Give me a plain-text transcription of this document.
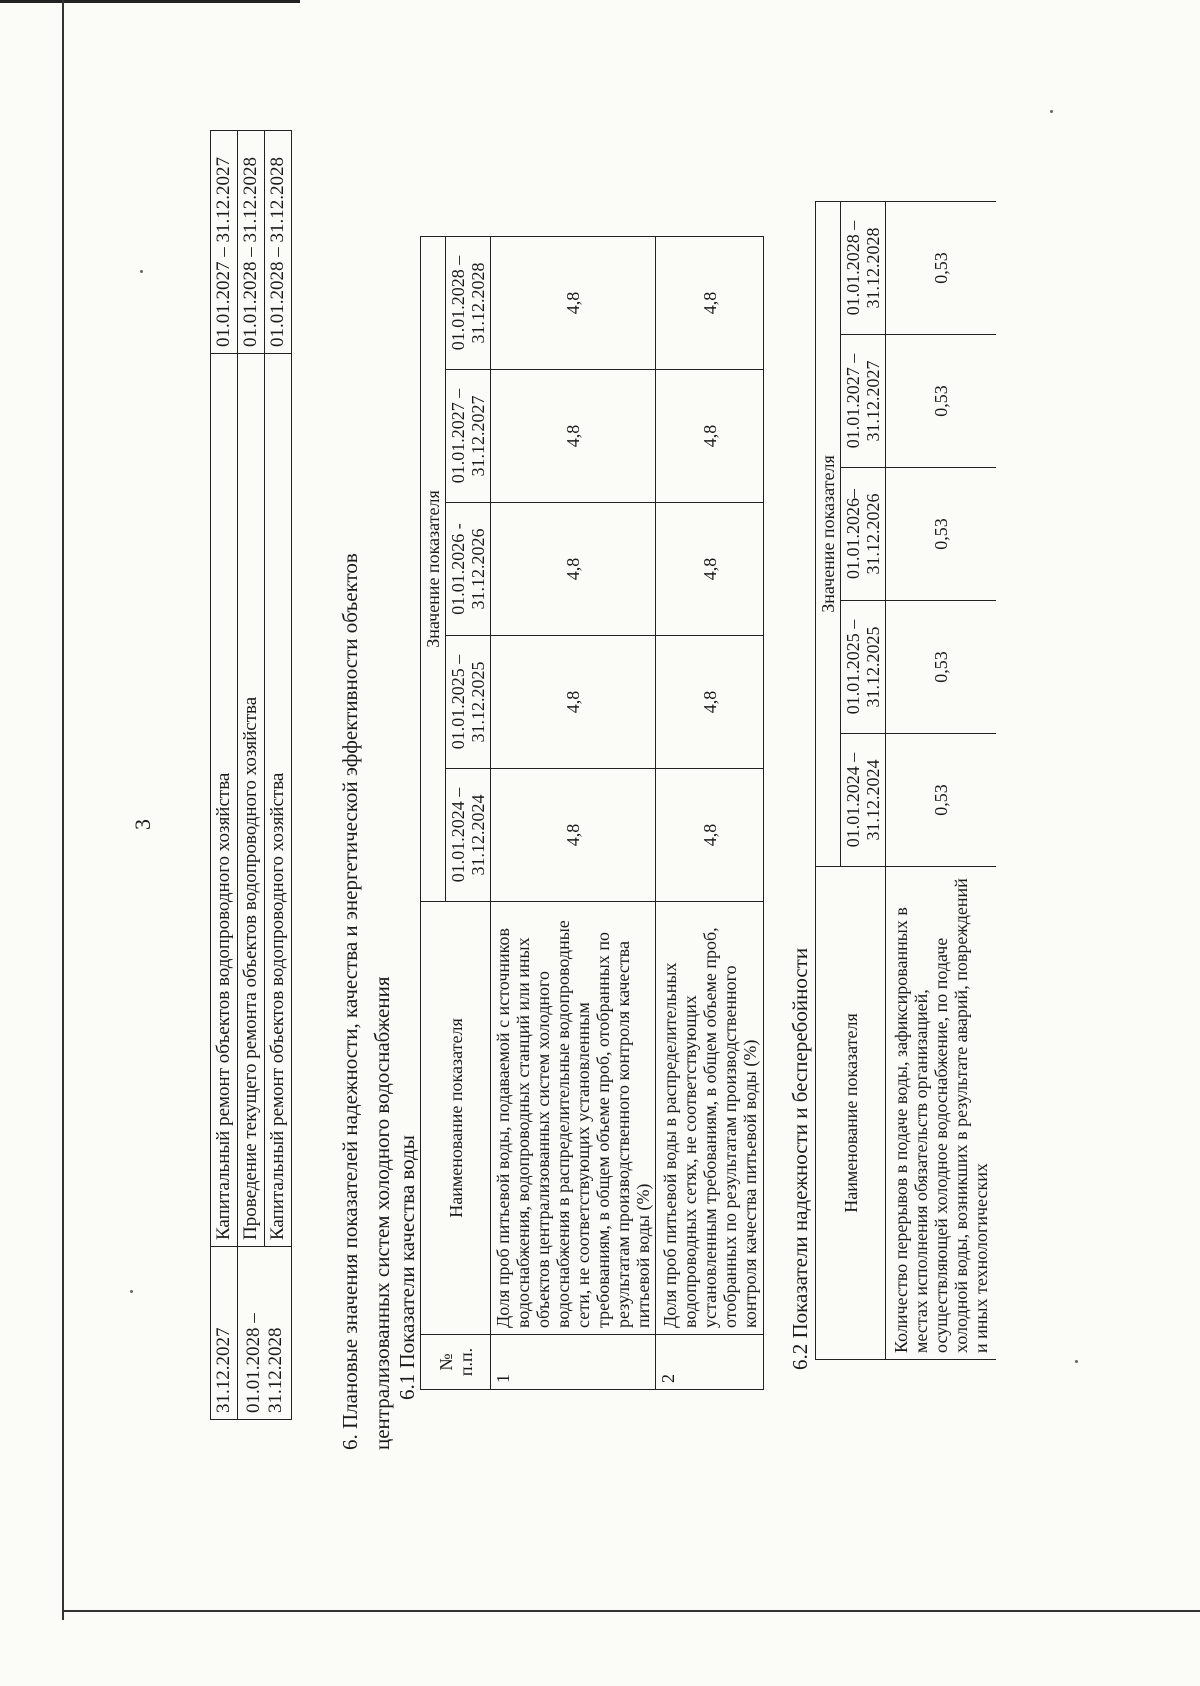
3
31.12.2027	Капитальный ремонт объектов водопроводного хозяйства	01.01.2027 – 31.12.2027
01.01.2028 – 31.12.2028	Проведение текущего ремонта объектов водопроводного хозяйства	01.01.2028 – 31.12.2028
	Капитальный ремонт объектов водопроводного хозяйства	01.01.2028 – 31.12.2028
6. Плановые значения показателей надежности, качества и энергетической эффективности объектов централизованных систем холодного водоснабжения 6.1 Показатели качества воды № п.п.	Наименование показателя	Значение показателя				
		01.01.2024 – 31.12.2024	01.01.2025 – 31.12.2025	01.01.2026 - 31.12.2026	01.01.2027 – 31.12.2027	01.01.2028 – 31.12.2028
1	Доля проб питьевой воды, подаваемой с источников водоснабжения, водопроводных станций или иных объектов централизованных систем холодного водоснабжения в распределительные водопроводные сети, не соответствующих установленным требованиям, в общем объеме проб, отобранных по результатам производственного контроля качества питьевой воды (%)	4,8	4,8	4,8	4,8	4,8
2	Доля проб питьевой воды в распределительных водопроводных сетях, не соответствующих установленным требованиям, в общем объеме проб, отобранных по результатам производственного контроля качества питьевой воды (%)	4,8	4,8	4,8	4,8	4,8
6.2 Показатели надежности и бесперебойности Наименование показателя	Значение показателя				
	01.01.2024 – 31.12.2024	01.01.2025 – 31.12.2025	01.01.2026– 31.12.2026	01.01.2027 – 31.12.2027	01.01.2028 – 31.12.2028
Количество перерывов в подаче воды, зафиксированных в местах исполнения обязательств организацией, осуществляющей холодное водоснабжение, по подаче холодной воды, возникших в результате аварий, повреждений и иных технологических	0,53	0,53	0,53	0,53	0,53
